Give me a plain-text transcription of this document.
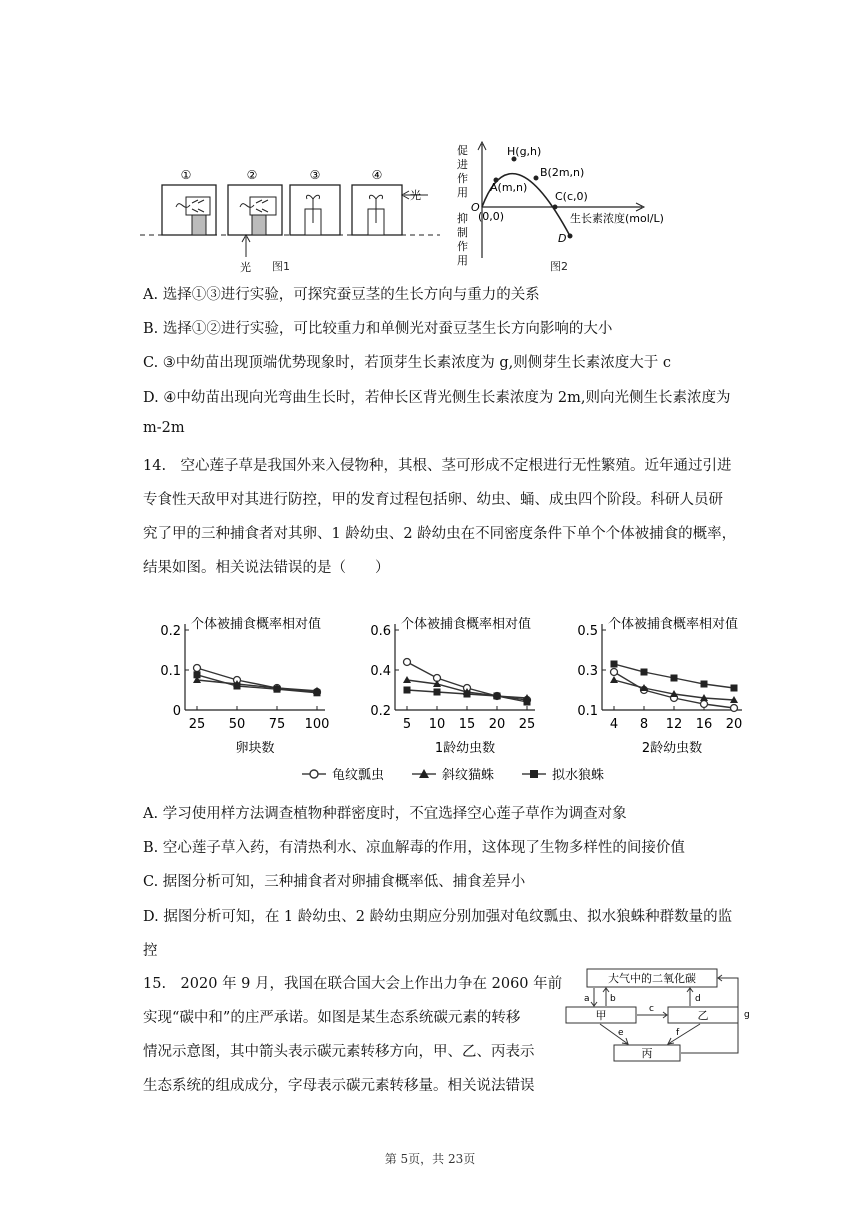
①	②	③	④
光
光
图1
促
进
作
用
抑
制
作
用
O
(0,0)
H(g,h)
A(m,n)
B(2m,n)
C(c,0)
D
生长素浓度(mol/L)
图2
A. 选择①③进行实验，可探究蚕豆茎的生长方向与重力的关系
B. 选择①②进行实验，可比较重力和单侧光对蚕豆茎生长方向影响的大小
C. ③中幼苗出现顶端优势现象时，若顶芽生长素浓度为 g,则侧芽生长素浓度大于 c
D. ④中幼苗出现向光弯曲生长时，若伸长区背光侧生长素浓度为 2m,则向光侧生长素浓度为
m-2m
14.　空心莲子草是我国外来入侵物种，其根、茎可形成不定根进行无性繁殖。近年通过引进
专食性天敌甲对其进行防控，甲的发育过程包括卵、幼虫、蛹、成虫四个阶段。科研人员研
究了甲的三种捕食者对其卵、1 龄幼虫、2 龄幼虫在不同密度条件下单个个体被捕食的概率，
结果如图。相关说法错误的是（　　）
0
0.1
0.2
25 50 75 100
个体被捕食概率相对值
卵块数
0.2
0.4
0.6
5 10 15 20 25
个体被捕食概率相对值
1龄幼虫数
0.1
0.3
0.5
4 8 12 16 20
个体被捕食概率相对值
2龄幼虫数
龟纹瓢虫	斜纹猫蛛	拟水狼蛛
A. 学习使用样方法调查植物种群密度时，不宜选择空心莲子草作为调查对象
B. 空心莲子草入药，有清热利水、凉血解毒的作用，这体现了生物多样性的间接价值
C. 据图分析可知，三种捕食者对卵捕食概率低、捕食差异小
D. 据图分析可知，在 1 龄幼虫、2 龄幼虫期应分别加强对龟纹瓢虫、拟水狼蛛种群数量的监
控
15.　2020 年 9 月，我国在联合国大会上作出力争在 2060 年前
实现“碳中和”的庄严承诺。如图是某生态系统碳元素的转移
情况示意图，其中箭头表示碳元素转移方向，甲、乙、丙表示
生态系统的组成成分，字母表示碳元素转移量。相关说法错误
大气中的二氧化碳
甲	乙
丙
a b
c
d
e	f
g
第 5页，共 23页
